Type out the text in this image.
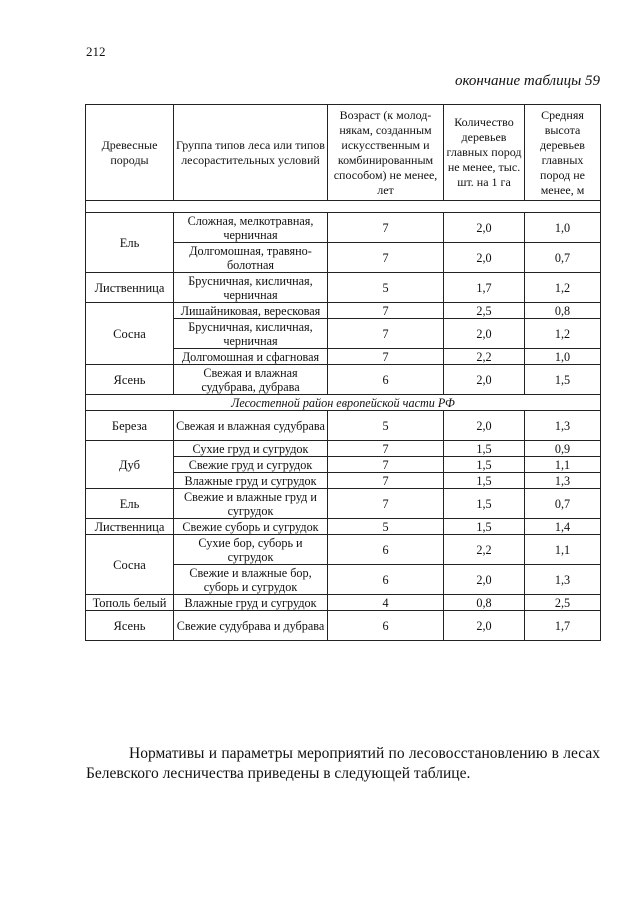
212
окончание таблицы 59
Древесные породы	Группа типов леса или типов лесорастительных условий	Возраст (к молод-някам, созданным искусственным и комбинированным способом) не менее, лет	Количество деревьев главных пород не менее, тыс. шт. на 1 га	Средняя высота деревьев главных пород не менее, м

Ель	Сложная, мелкотравная, черничная	7	2,0	1,0
	Долгомошная, травяно-болотная	7	2,0	0,7
Лиственница	Брусничная, кисличная, черничная	5	1,7	1,2
Сосна	Лишайниковая, вересковая	7	2,5	0,8
	Брусничная, кисличная, черничная	7	2,0	1,2
	Долгомошная и сфагновая	7	2,2	1,0
Ясень	Свежая и влажная судубрава, дубрава	6	2,0	1,5
Лесостепной район европейской части РФ				
Береза	Свежая и влажная судубрава	5	2,0	1,3
Дуб	Сухие груд и сугрудок	7	1,5	0,9
	Свежие груд и сугрудок	7	1,5	1,1
	Влажные груд и сугрудок	7	1,5	1,3
Ель	Свежие и влажные груд и сугрудок	7	1,5	0,7
Лиственница	Свежие суборь и сугрудок	5	1,5	1,4
Сосна	Сухие бор, суборь и сугрудок	6	2,2	1,1
	Свежие и влажные бор, суборь и сугрудок	6	2,0	1,3
Тополь белый	Влажные груд и сугрудок	4	0,8	2,5
Ясень	Свежие судубрава и дубрава	6	2,0	1,7

Нормативы и параметры мероприятий по лесовосстановлению в лесах Белевского лесничества приведены в следующей таблице.
